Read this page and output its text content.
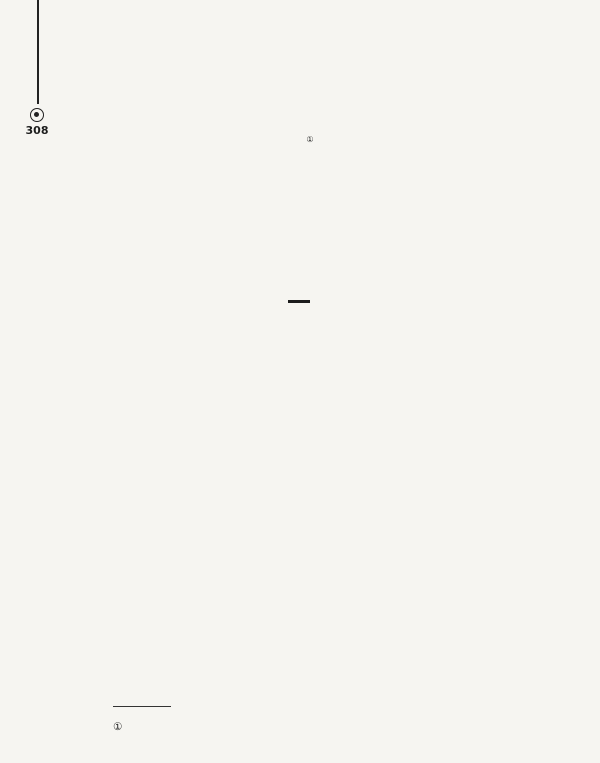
308
①

①
